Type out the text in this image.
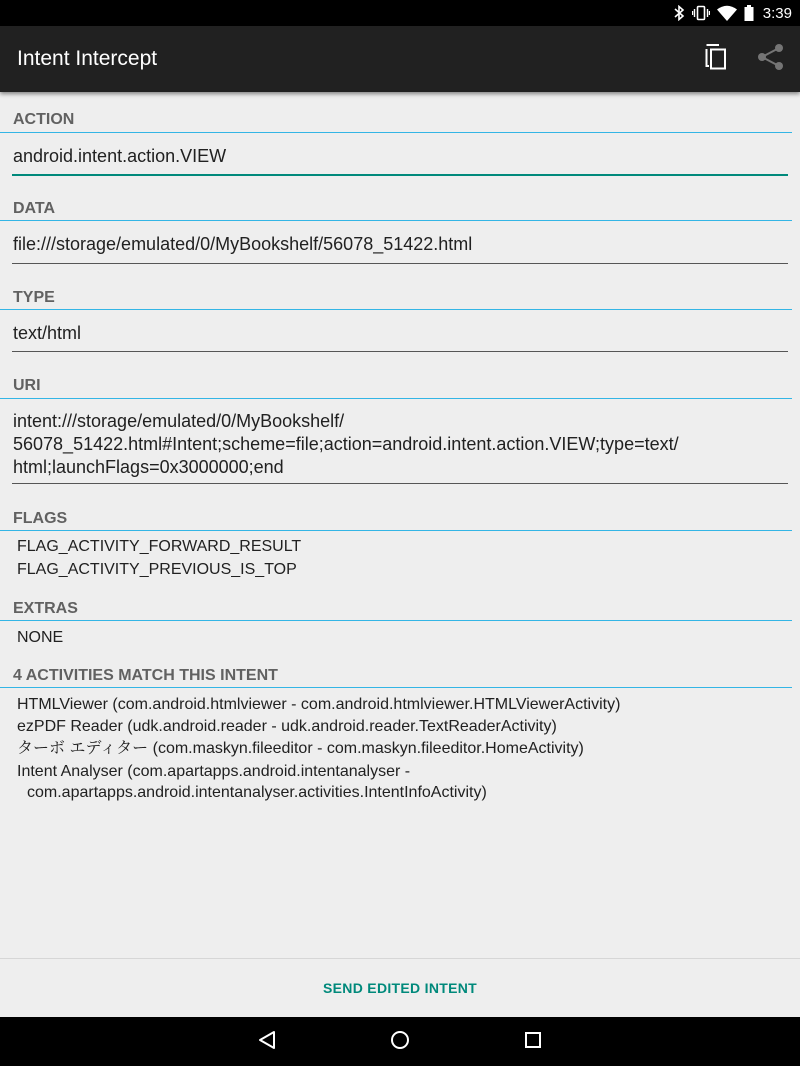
3:39
Intent Intercept
ACTION
android.intent.action.VIEW
DATA
file:///storage/emulated/0/MyBookshelf/56078_51422.html
TYPE
text/html
URI
intent:///storage/emulated/0/MyBookshelf/
56078_51422.html#Intent;scheme=file;action=android.intent.action.VIEW;type=text/
html;launchFlags=0x3000000;end
FLAGS
FLAG_ACTIVITY_FORWARD_RESULT
FLAG_ACTIVITY_PREVIOUS_IS_TOP
EXTRAS
NONE
4 ACTIVITIES MATCH THIS INTENT
HTMLViewer (com.android.htmlviewer - com.android.htmlviewer.HTMLViewerActivity)
ezPDF Reader (udk.android.reader - udk.android.reader.TextReaderActivity)
ターボ エディター (com.maskyn.fileeditor - com.maskyn.fileeditor.HomeActivity)
Intent Analyser (com.apartapps.android.intentanalyser -
com.apartapps.android.intentanalyser.activities.IntentInfoActivity)
SEND EDITED INTENT
